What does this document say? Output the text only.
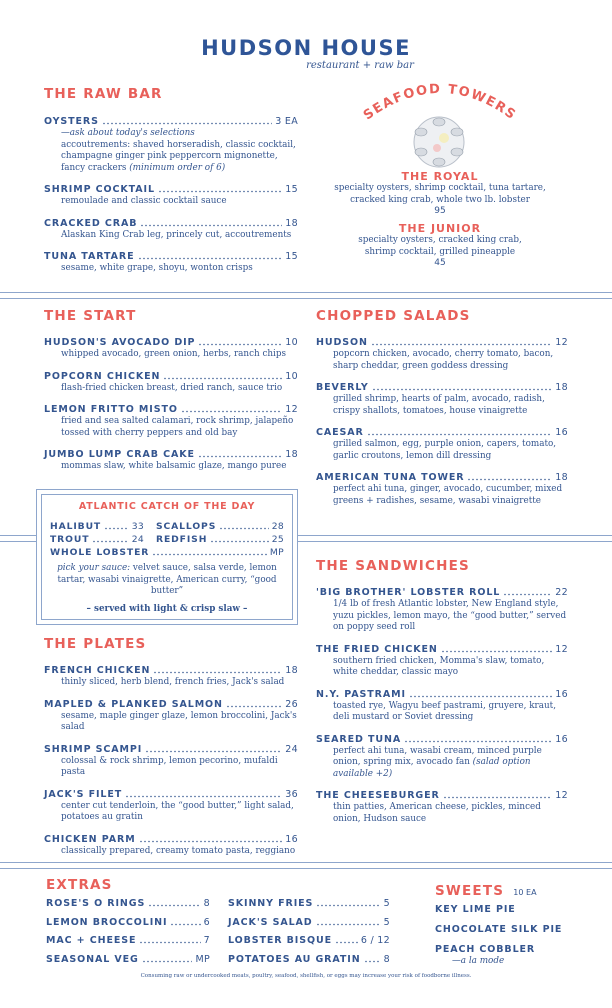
HUDSON HOUSE
restaurant + raw bar
THE RAW BAR
OYSTERS	3 EA
—ask about today's selections
accoutrements: shaved horseradish, classic cocktail, champagne ginger pink peppercorn mignonette, fancy crackers (minimum order of 6)
SHRIMP COCKTAIL	15
remoulade and classic cocktail sauce
CRACKED CRAB	18
Alaskan King Crab leg, princely cut, accoutrements
TUNA TARTARE	15
sesame, white grape, shoyu, wonton crisps
SEAFOOD TOWERS
THE ROYAL
specialty oysters, shrimp cocktail, tuna tartare, cracked king crab, whole two lb. lobster
95
THE JUNIOR
specialty oysters, cracked king crab, shrimp cocktail, grilled pineapple
45
THE START
HUDSON'S AVOCADO DIP	10
whipped avocado, green onion, herbs, ranch chips
POPCORN CHICKEN	10
flash-fried chicken breast, dried ranch, sauce trio
LEMON FRITTO MISTO	12
fried and sea salted calamari, rock shrimp, jalapeño tossed with cherry peppers and old bay
JUMBO LUMP CRAB CAKE	18
mommas slaw, white balsamic glaze, mango puree
CHOPPED SALADS
HUDSON	12
popcorn chicken, avocado, cherry tomato, bacon, sharp cheddar, green goddess dressing
BEVERLY	18
grilled shrimp, hearts of palm, avocado, radish, crispy shallots, tomatoes, house vinaigrette
CAESAR	16
grilled salmon, egg, purple onion, capers, tomato, garlic croutons, lemon dill dressing
AMERICAN TUNA TOWER	18
perfect ahi tuna, ginger, avocado, cucumber, mixed greens + radishes, sesame, wasabi vinaigrette
ATLANTIC CATCH OF THE DAY
HALIBUT	33 SCALLOPS	28
TROUT	24 REDFISH	25
WHOLE LOBSTER	MP
pick your sauce: velvet sauce, salsa verde, lemon tartar, wasabi vinaigrette, American curry, “good butter”
– served with light & crisp slaw –
THE SANDWICHES
'BIG BROTHER' LOBSTER ROLL	22
1/4 lb of fresh Atlantic lobster, New England style, yuzu pickles, lemon mayo, the “good butter,” served on poppy seed roll
THE FRIED CHICKEN	12
southern fried chicken, Momma's slaw, tomato, white cheddar, classic mayo
N.Y. PASTRAMI	16
toasted rye, Wagyu beef pastrami, gruyere, kraut, deli mustard or Soviet dressing
SEARED TUNA	16
perfect ahi tuna, wasabi cream, minced purple onion, spring mix, avocado fan (salad option available +2)
THE CHEESEBURGER	12
thin patties, American cheese, pickles, minced onion, Hudson sauce
THE PLATES
FRENCH CHICKEN	18
thinly sliced, herb blend, french fries, Jack's salad
MAPLED & PLANKED SALMON	26
sesame, maple ginger glaze, lemon broccolini, Jack's salad
SHRIMP SCAMPI	24
colossal & rock shrimp, lemon pecorino, mufaldi pasta
JACK'S FILET	36
center cut tenderloin, the “good butter,” light salad, potatoes au gratin
CHICKEN PARM	16
classically prepared, creamy tomato pasta, reggiano
EXTRAS
ROSE'S O RINGS	8
LEMON BROCCOLINI	6
MAC + CHEESE	7
SEASONAL VEG	MP
SKINNY FRIES	5
JACK'S SALAD	5
LOBSTER BISQUE	6 / 12
POTATOES AU GRATIN 8
SWEETS 10 EA
KEY LIME PIE
CHOCOLATE SILK PIE
PEACH COBBLER
—a la mode
Consuming raw or undercooked meats, poultry, seafood, shellfish, or eggs may increase your risk of foodborne illness.
